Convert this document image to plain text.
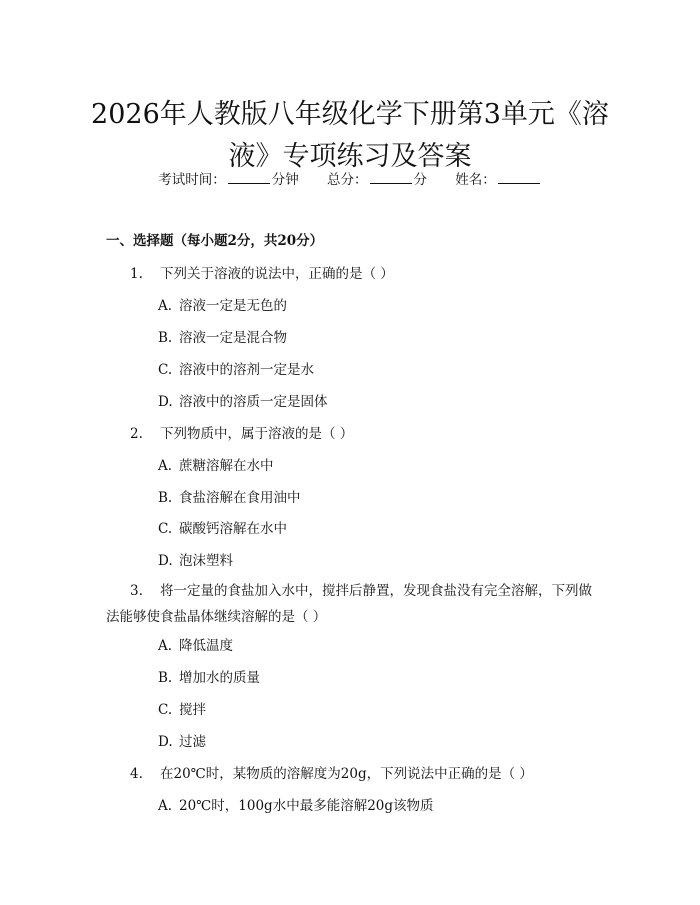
2026年人教版八年级化学下册第3单元《溶
液》专项练习及答案
考试时间：	分钟 总分：	分 姓名：
一、选择题（每小题2分，共20分）
1. 下列关于溶液的说法中，正确的是（ ）
A. 溶液一定是无色的
B. 溶液一定是混合物
C. 溶液中的溶剂一定是水
D. 溶液中的溶质一定是固体
2. 下列物质中，属于溶液的是（ ）
A. 蔗糖溶解在水中
B. 食盐溶解在食用油中
C. 碳酸钙溶解在水中
D. 泡沫塑料
3. 将一定量的食盐加入水中，搅拌后静置，发现食盐没有完全溶解，下列做
法能够使食盐晶体继续溶解的是（ ）
A. 降低温度
B. 增加水的质量
C. 搅拌
D. 过滤
4. 在20℃时，某物质的溶解度为20g，下列说法中正确的是（ ）
A. 20℃时，100g水中最多能溶解20g该物质
